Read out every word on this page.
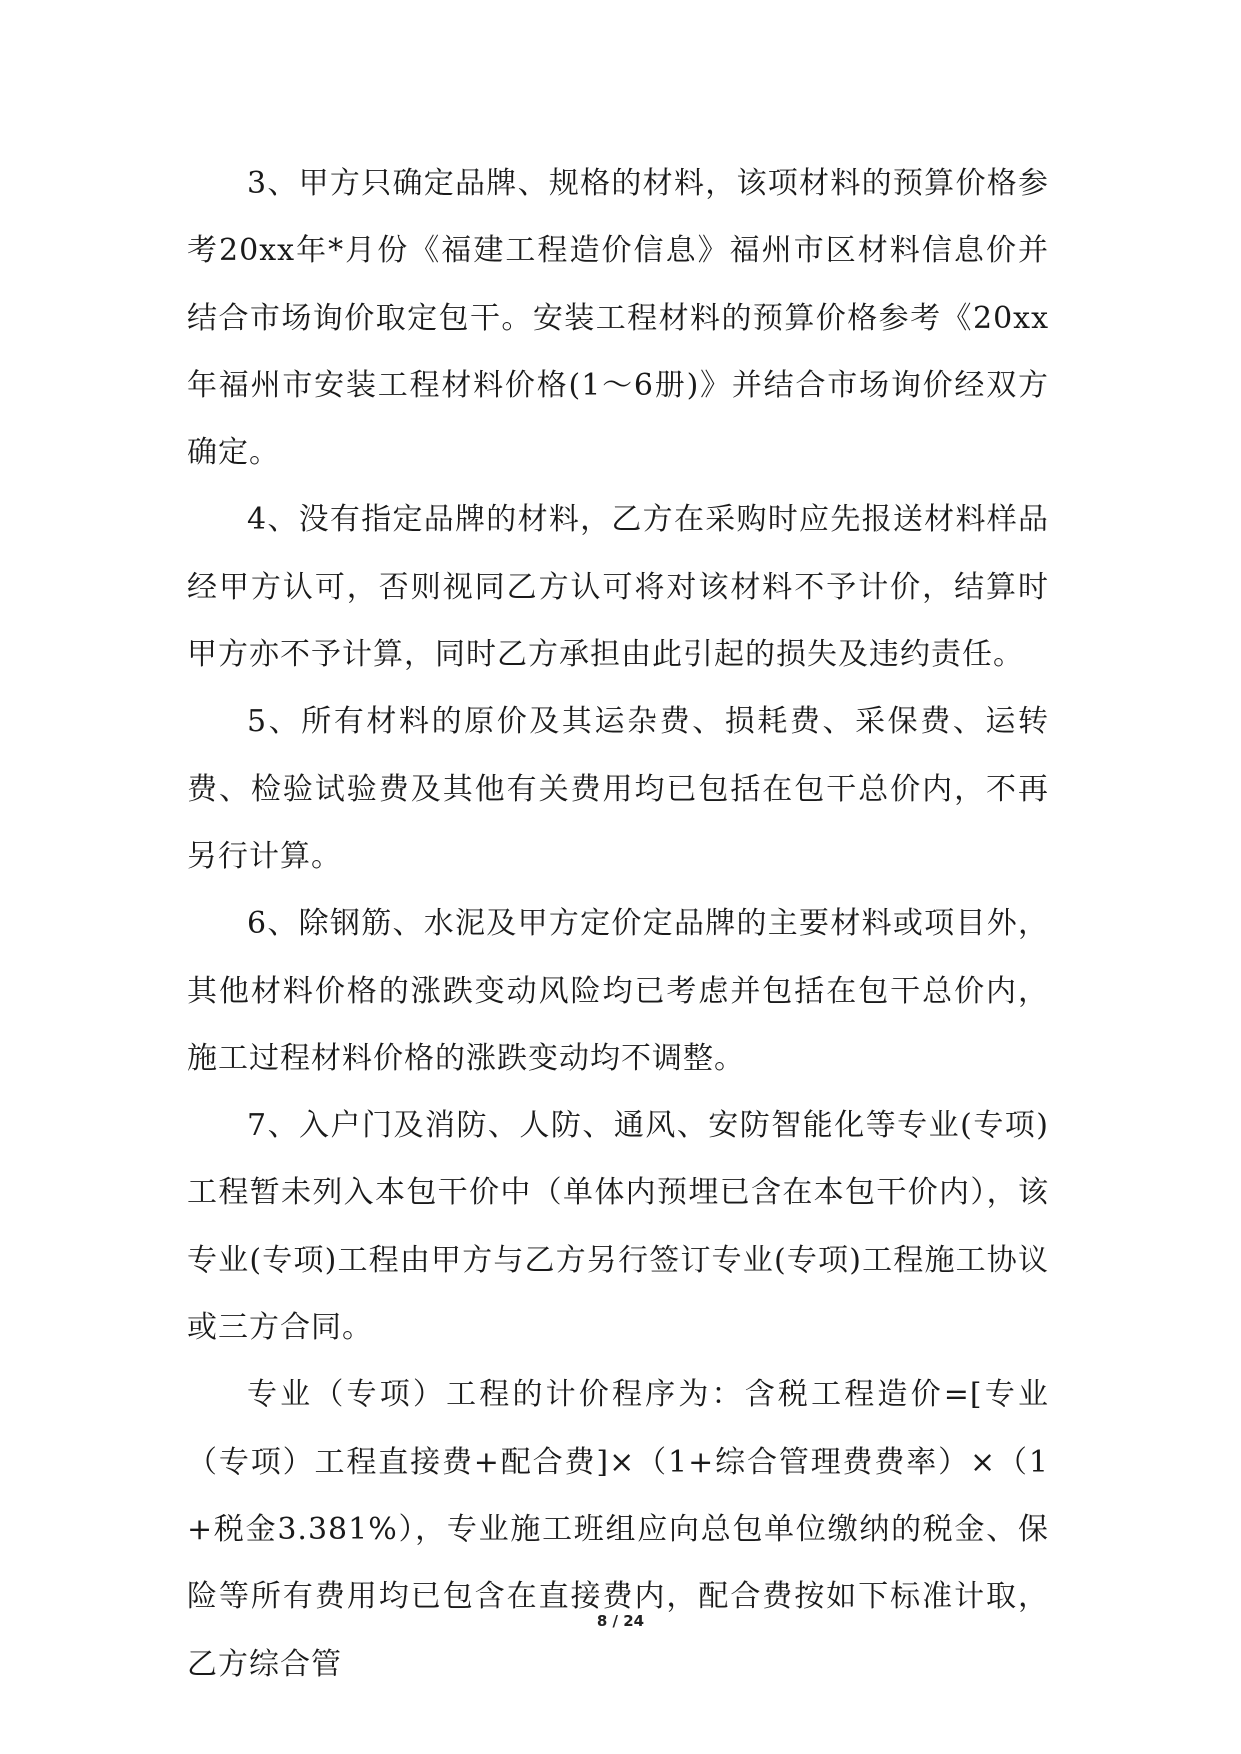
3、甲方只确定品牌、规格的材料，该项材料的预算价格参考20xx年*月份《福建工程造价信息》福州市区材料信息价并结合市场询价取定包干。安装工程材料的预算价格参考《20xx年福州市安装工程材料价格(1～6册)》并结合市场询价经双方确定。

4、没有指定品牌的材料，乙方在采购时应先报送材料样品经甲方认可，否则视同乙方认可将对该材料不予计价，结算时甲方亦不予计算，同时乙方承担由此引起的损失及违约责任。

5、所有材料的原价及其运杂费、损耗费、采保费、运转费、检验试验费及其他有关费用均已包括在包干总价内，不再另行计算。

6、除钢筋、水泥及甲方定价定品牌的主要材料或项目外，其他材料价格的涨跌变动风险均已考虑并包括在包干总价内，施工过程材料价格的涨跌变动均不调整。

7、入户门及消防、人防、通风、安防智能化等专业(专项)工程暂未列入本包干价中（单体内预埋已含在本包干价内），该专业(专项)工程由甲方与乙方另行签订专业(专项)工程施工协议或三方合同。

专业（专项）工程的计价程序为：含税工程造价=[专业（专项）工程直接费+配合费]×（1+综合管理费费率）×（1+税金3.381%），专业施工班组应向总包单位缴纳的税金、保险等所有费用均已包含在直接费内，配合费按如下标准计取，乙方综合管

8 / 24
